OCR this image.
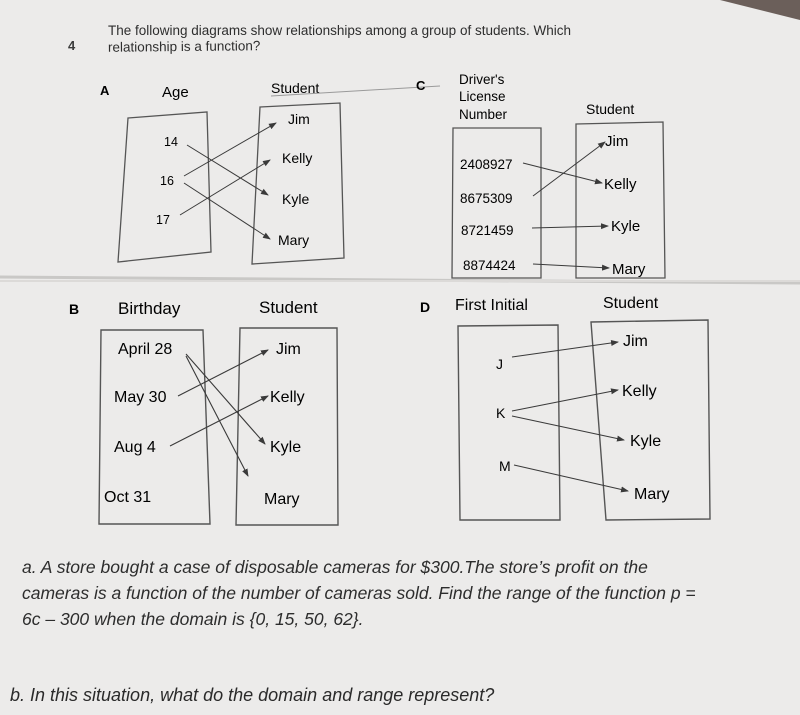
4
The following diagrams show relationships among a group of students. Which
relationship is a function?
A	Age	Student
14
16
17
Jim
Kelly
Kyle
Mary
C Driver's
License
Number	Student
2408927
8675309
8721459
8874424
Jim
Kelly
Kyle
Mary
B Birthday	Student
April 28
May 30
Aug 4
Oct 31
Jim
Kelly
Kyle
Mary
D First Initial	Student
J
K
M
Jim
Kelly
Kyle
Mary
a. A store bought a case of disposable cameras for $300.The store’s profit on the
cameras is a function of the number of cameras sold. Find the range of the function p =
6c – 300 when the domain is {0, 15, 50, 62}.
b. In this situation, what do the domain and range represent?
